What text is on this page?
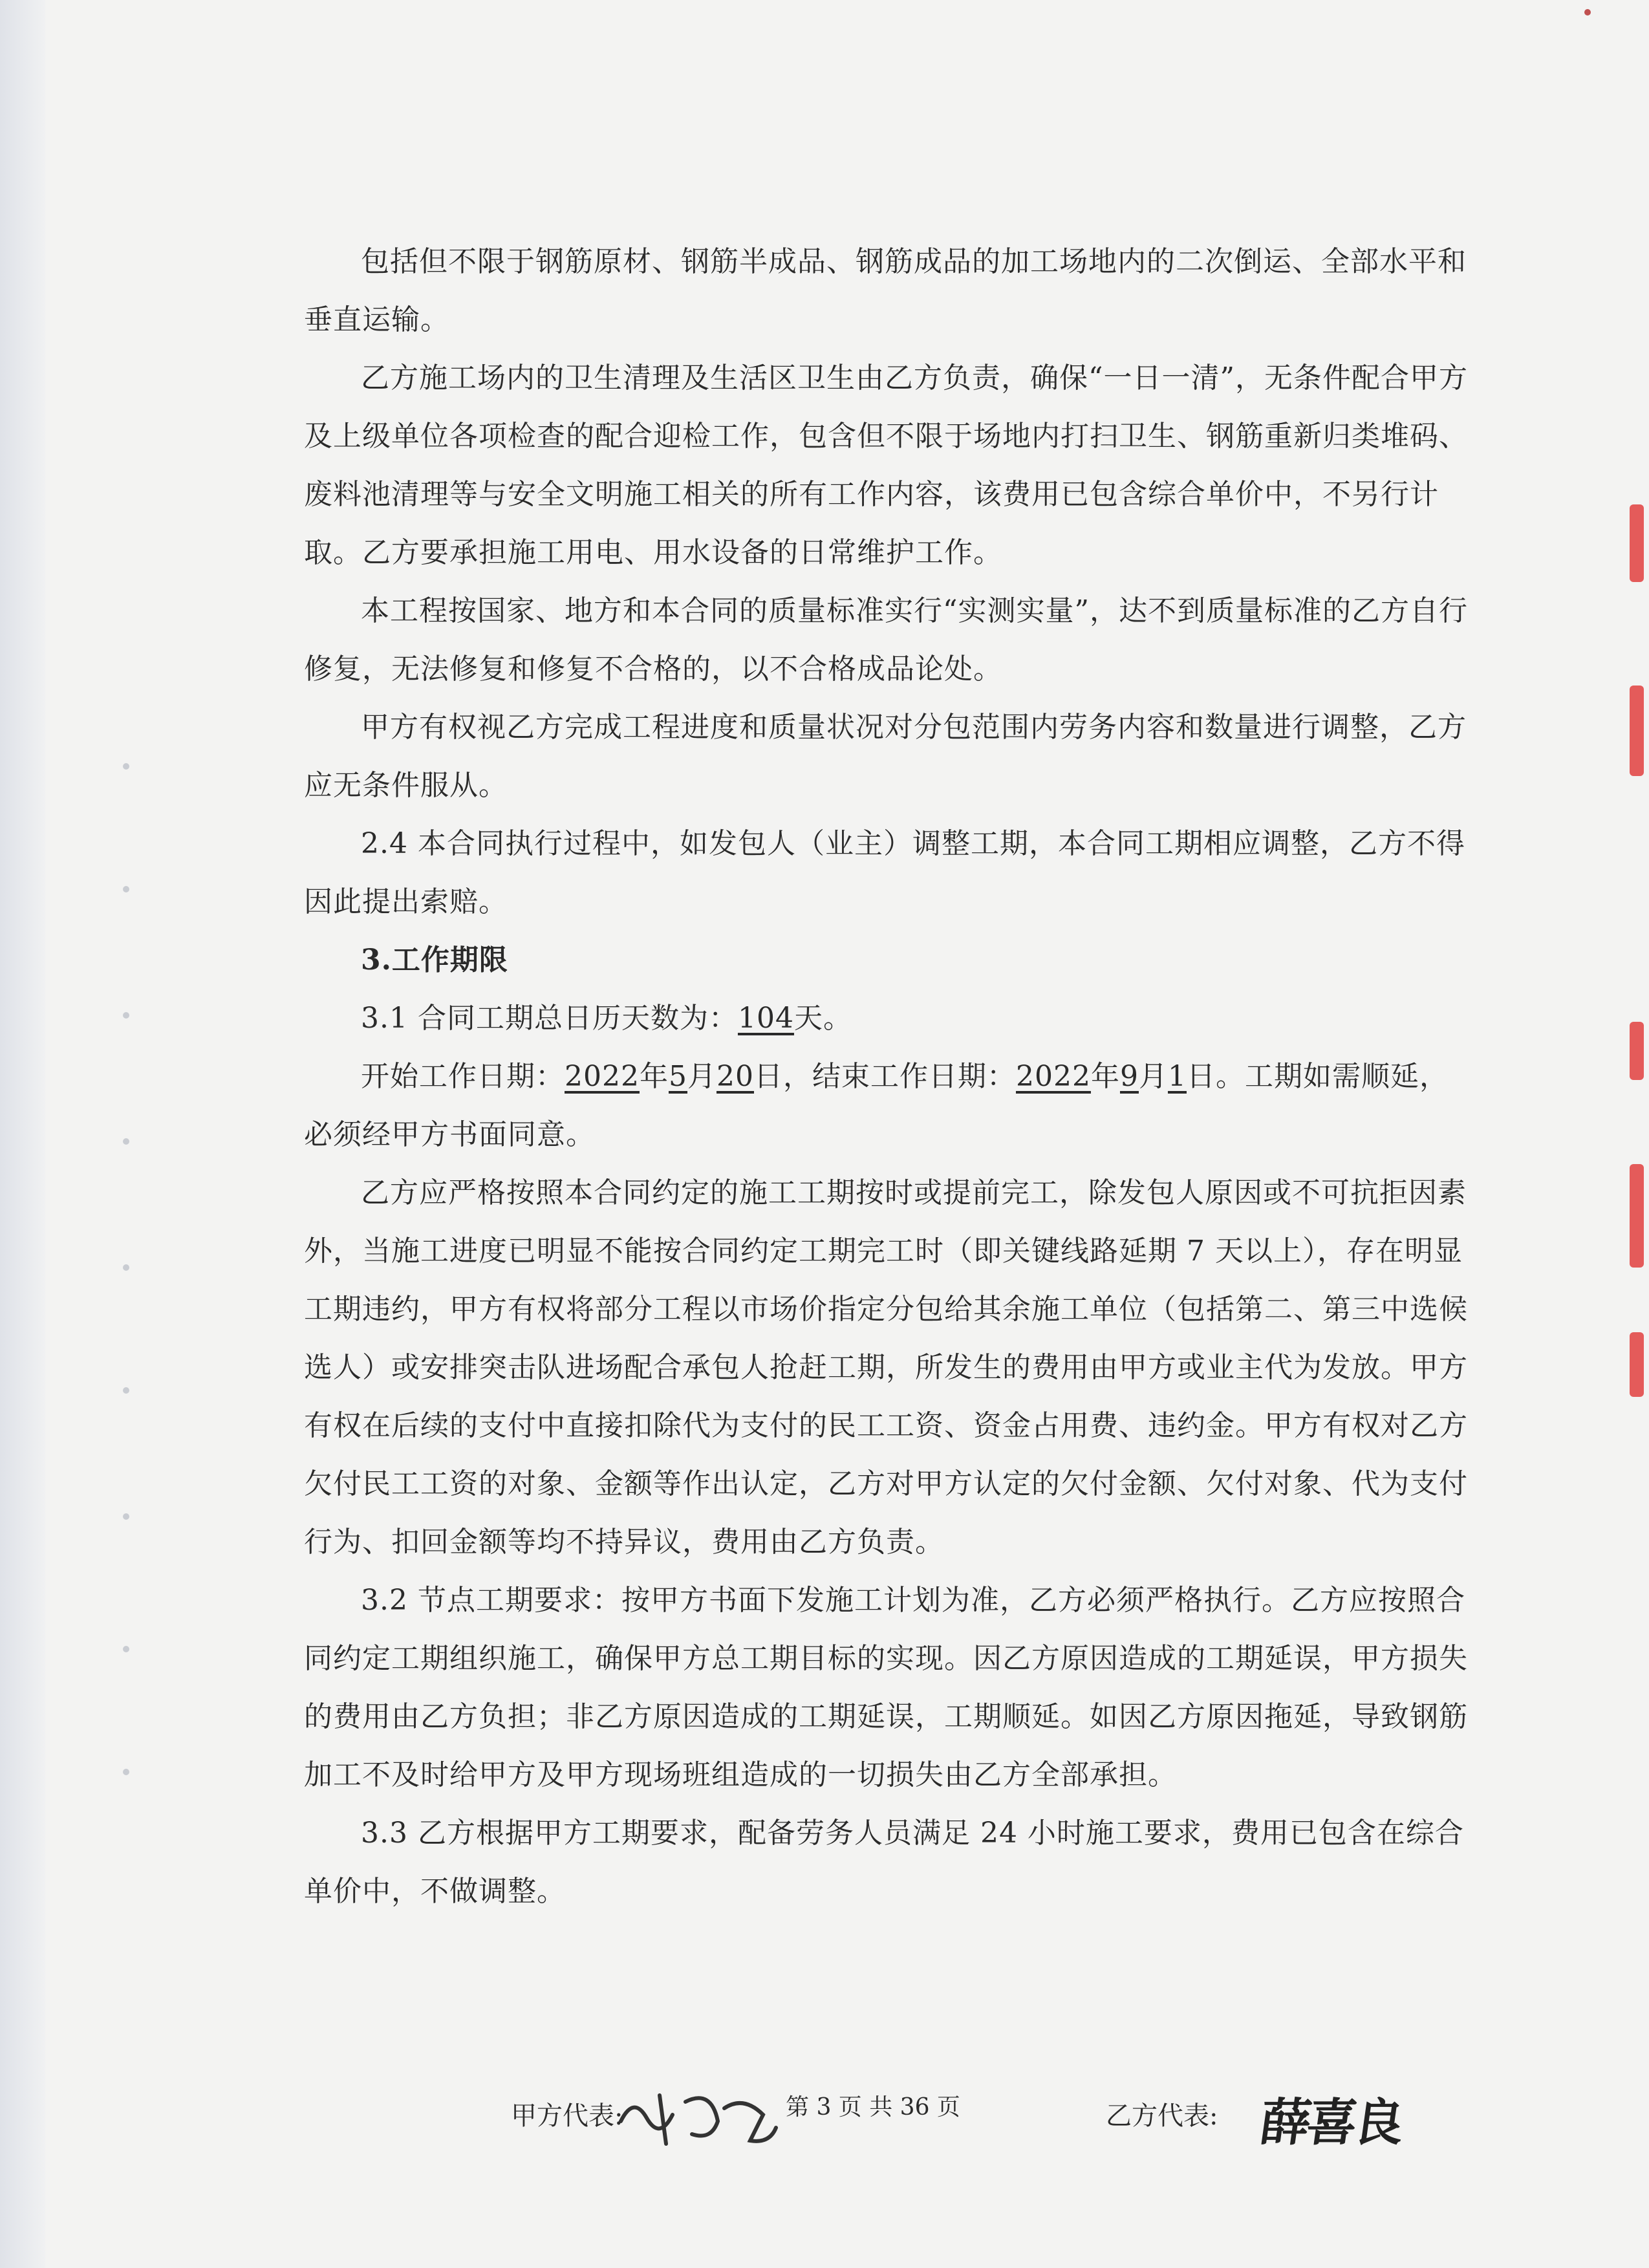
包括但不限于钢筋原材、钢筋半成品、钢筋成品的加工场地内的二次倒运、全部水平和垂直运输。

乙方施工场内的卫生清理及生活区卫生由乙方负责，确保“一日一清”，无条件配合甲方及上级单位各项检查的配合迎检工作，包含但不限于场地内打扫卫生、钢筋重新归类堆码、废料池清理等与安全文明施工相关的所有工作内容，该费用已包含综合单价中，不另行计取。乙方要承担施工用电、用水设备的日常维护工作。

本工程按国家、地方和本合同的质量标准实行“实测实量”，达不到质量标准的乙方自行修复，无法修复和修复不合格的，以不合格成品论处。

甲方有权视乙方完成工程进度和质量状况对分包范围内劳务内容和数量进行调整，乙方应无条件服从。

2.4 本合同执行过程中，如发包人（业主）调整工期，本合同工期相应调整，乙方不得因此提出索赔。

3.工作期限

3.1 合同工期总日历天数为：104天。

开始工作日期：2022年5月20日，结束工作日期：2022年9月1日。工期如需顺延，必须经甲方书面同意。

乙方应严格按照本合同约定的施工工期按时或提前完工，除发包人原因或不可抗拒因素外，当施工进度已明显不能按合同约定工期完工时（即关键线路延期 7 天以上），存在明显工期违约，甲方有权将部分工程以市场价指定分包给其余施工单位（包括第二、第三中选候选人）或安排突击队进场配合承包人抢赶工期，所发生的费用由甲方或业主代为发放。甲方有权在后续的支付中直接扣除代为支付的民工工资、资金占用费、违约金。甲方有权对乙方欠付民工工资的对象、金额等作出认定，乙方对甲方认定的欠付金额、欠付对象、代为支付行为、扣回金额等均不持异议，费用由乙方负责。

3.2 节点工期要求：按甲方书面下发施工计划为准，乙方必须严格执行。乙方应按照合同约定工期组织施工，确保甲方总工期目标的实现。因乙方原因造成的工期延误，甲方损失的费用由乙方负担；非乙方原因造成的工期延误，工期顺延。如因乙方原因拖延，导致钢筋加工不及时给甲方及甲方现场班组造成的一切损失由乙方全部承担。

3.3 乙方根据甲方工期要求，配备劳务人员满足 24 小时施工要求，费用已包含在综合单价中，不做调整。

甲方代表:	第 3 页 共 36 页	乙方代表: 薛喜良
